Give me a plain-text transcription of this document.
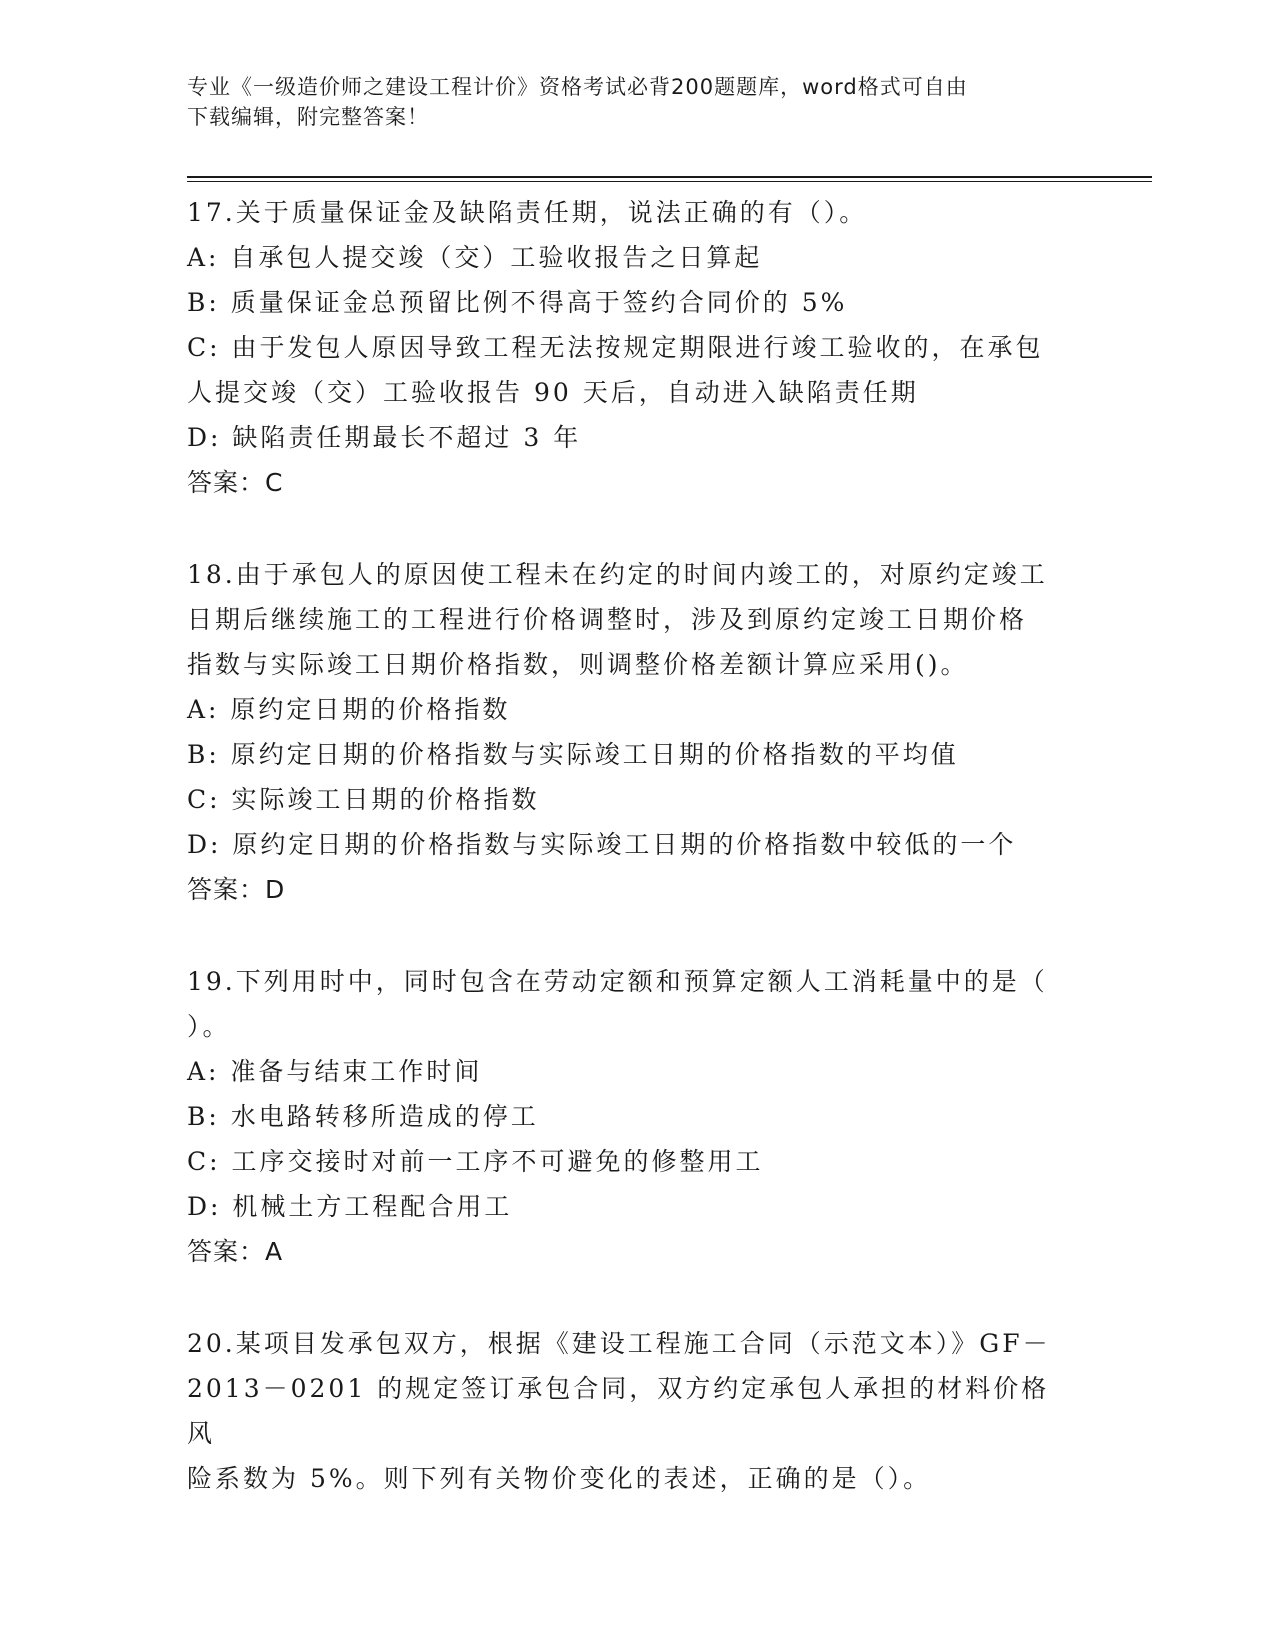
专业《一级造价师之建设工程计价》资格考试必背200题题库，word格式可自由
下载编辑，附完整答案！

17.关于质量保证金及缺陷责任期，说法正确的有（）。

A: 自承包人提交竣（交）工验收报告之日算起

B: 质量保证金总预留比例不得高于签约合同价的 5%

C: 由于发包人原因导致工程无法按规定期限进行竣工验收的，在承包

人提交竣（交）工验收报告 90 天后，自动进入缺陷责任期

D: 缺陷责任期最长不超过 3 年

答案：C

18.由于承包人的原因使工程未在约定的时间内竣工的，对原约定竣工

日期后继续施工的工程进行价格调整时，涉及到原约定竣工日期价格

指数与实际竣工日期价格指数，则调整价格差额计算应采用()。

A: 原约定日期的价格指数

B: 原约定日期的价格指数与实际竣工日期的价格指数的平均值

C: 实际竣工日期的价格指数

D: 原约定日期的价格指数与实际竣工日期的价格指数中较低的一个

答案：D

19.下列用时中，同时包含在劳动定额和预算定额人工消耗量中的是（

）。

A: 准备与结束工作时间

B: 水电路转移所造成的停工

C: 工序交接时对前一工序不可避免的修整用工

D: 机械土方工程配合用工

答案：A

20.某项目发承包双方，根据《建设工程施工合同（示范文本）》GF－

2013－0201 的规定签订承包合同，双方约定承包人承担的材料价格风

险系数为 5%。则下列有关物价变化的表述，正确的是（）。
